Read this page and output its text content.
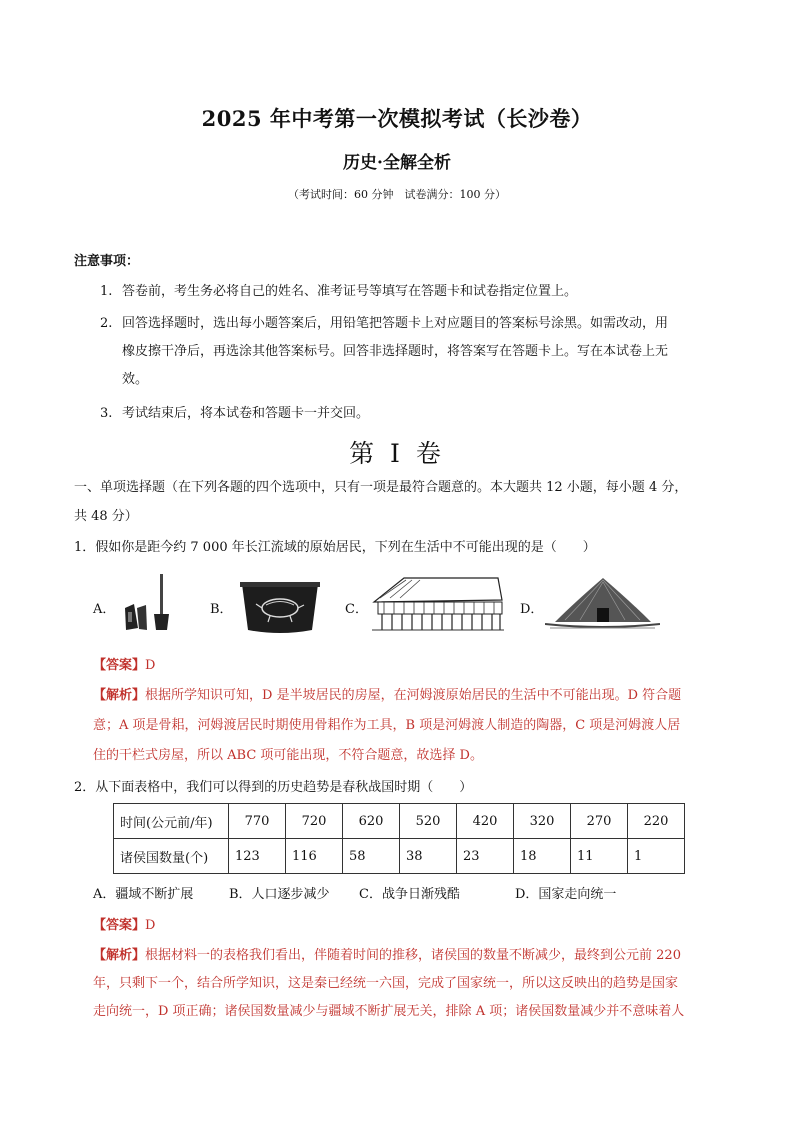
2025 年中考第一次模拟考试（长沙卷）
历史·全解全析
（考试时间：60 分钟　试卷满分：100 分）
注意事项：
1. 答卷前，考生务必将自己的姓名、准考证号等填写在答题卡和试卷指定位置上。
2. 回答选择题时，选出每小题答案后，用铅笔把答题卡上对应题目的答案标号涂黑。如需改动，用
橡皮擦干净后，再选涂其他答案标号。回答非选择题时，将答案写在答题卡上。写在本试卷上无
效。
3. 考试结束后，将本试卷和答题卡一并交回。
第 I 卷
一、单项选择题（在下列各题的四个选项中，只有一项是最符合题意的。本大题共 12 小题，每小题 4 分，
共 48 分）
1．假如你是距今约 7 000 年长江流域的原始居民，下列在生活中不可能出现的是（　　）
A．	B．	C．	D．
【答案】D
【解析】根据所学知识可知，D 是半坡居民的房屋，在河姆渡原始居民的生活中不可能出现。D 符合题
意；A 项是骨耜，河姆渡居民时期使用骨耜作为工具，B 项是河姆渡人制造的陶器，C 项是河姆渡人居
住的干栏式房屋，所以 ABC 项可能出现，不符合题意，故选择 D。
2．从下面表格中，我们可以得到的历史趋势是春秋战国时期（　　）
时间(公元前/年)	770	720	620	520	420	320	270	220
诸侯国数量(个)	123	116	58	38	23	18	11	1
A．疆域不断扩展	B．人口逐步减少 C．战争日渐残酷	D．国家走向统一
【答案】D
【解析】根据材料一的表格我们看出，伴随着时间的推移，诸侯国的数量不断减少，最终到公元前 220
年，只剩下一个，结合所学知识，这是秦已经统一六国，完成了国家统一，所以这反映出的趋势是国家
走向统一，D 项正确；诸侯国数量减少与疆域不断扩展无关，排除 A 项；诸侯国数量减少并不意味着人
